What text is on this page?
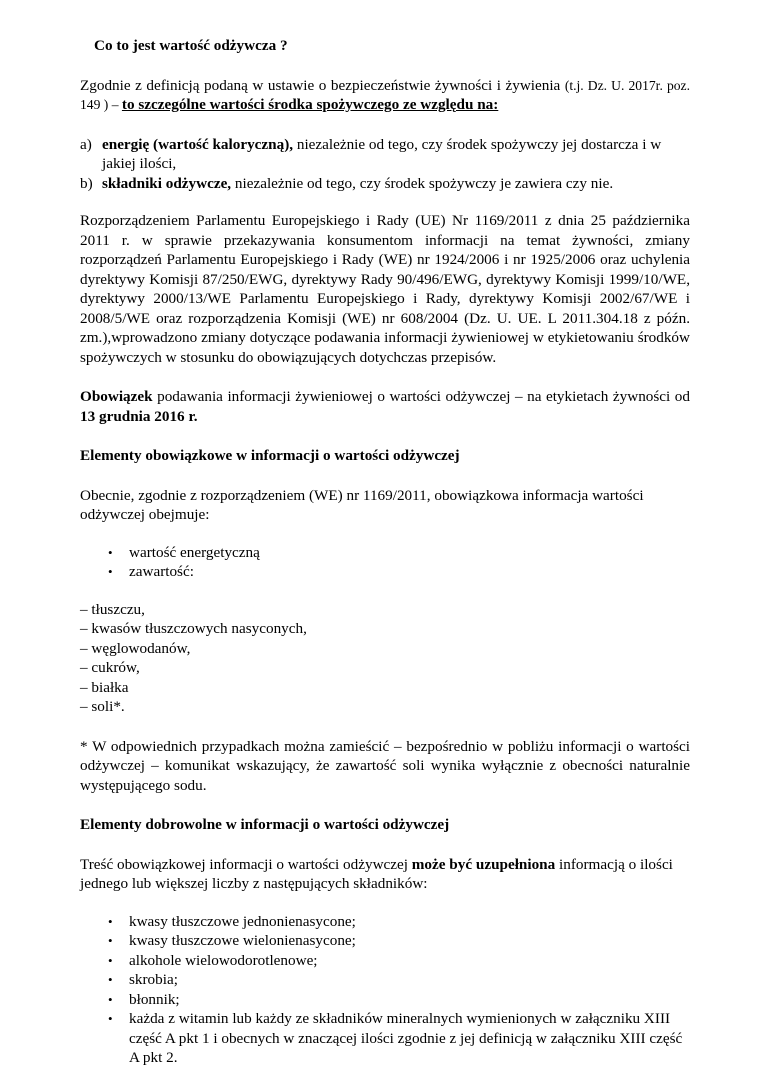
Co to jest wartość odżywcza ?

Zgodnie z definicją podaną w ustawie o bezpieczeństwie żywności i żywienia (t.j. Dz. U. 2017r. poz. 149 ) – to szczególne wartości środka spożywczego ze względu na:

a) energię (wartość kaloryczną), niezależnie od tego, czy środek spożywczy jej dostarcza i w jakiej ilości,
b) składniki odżywcze, niezależnie od tego, czy środek spożywczy je zawiera czy nie.

Rozporządzeniem Parlamentu Europejskiego i Rady (UE) Nr 1169/2011 z dnia 25 października 2011 r. w sprawie przekazywania konsumentom informacji na temat żywności, zmiany rozporządzeń Parlamentu Europejskiego i Rady (WE) nr 1924/2006 i nr 1925/2006 oraz uchylenia dyrektywy Komisji 87/250/EWG, dyrektywy Rady 90/496/EWG, dyrektywy Komisji 1999/10/WE, dyrektywy 2000/13/WE Parlamentu Europejskiego i Rady, dyrektywy Komisji 2002/67/WE i 2008/5/WE oraz rozporządzenia Komisji (WE) nr 608/2004 (Dz. U. UE. L 2011.304.18 z późn. zm.),wprowadzono zmiany dotyczące podawania informacji żywieniowej w etykietowaniu środków spożywczych w stosunku do obowiązujących dotychczas przepisów.

Obowiązek podawania informacji żywieniowej o wartości odżywczej – na etykietach żywności od 13 grudnia 2016 r.

Elementy obowiązkowe w informacji o wartości odżywczej

Obecnie, zgodnie z rozporządzeniem (WE) nr 1169/2011, obowiązkowa informacja wartości odżywczej obejmuje:

• wartość energetyczną
• zawartość:

– tłuszczu,

– kwasów tłuszczowych nasyconych,

– węglowodanów,

– cukrów,

– białka

– soli*.

* W odpowiednich przypadkach można zamieścić – bezpośrednio w pobliżu informacji o wartości odżywczej – komunikat wskazujący, że zawartość soli wynika wyłącznie z obecności naturalnie występującego sodu.

Elementy dobrowolne w informacji o wartości odżywczej

Treść obowiązkowej informacji o wartości odżywczej może być uzupełniona informacją o ilości jednego lub większej liczby z następujących składników:

• kwasy tłuszczowe jednonienasycone;
• kwasy tłuszczowe wielonienasycone;
• alkohole wielowodorotlenowe;
• skrobia;
• błonnik;
• każda z witamin lub każdy ze składników mineralnych wymienionych w załączniku XIII część A pkt 1 i obecnych w znaczącej ilości zgodnie z jej definicją w załączniku XIII część A pkt 2.
